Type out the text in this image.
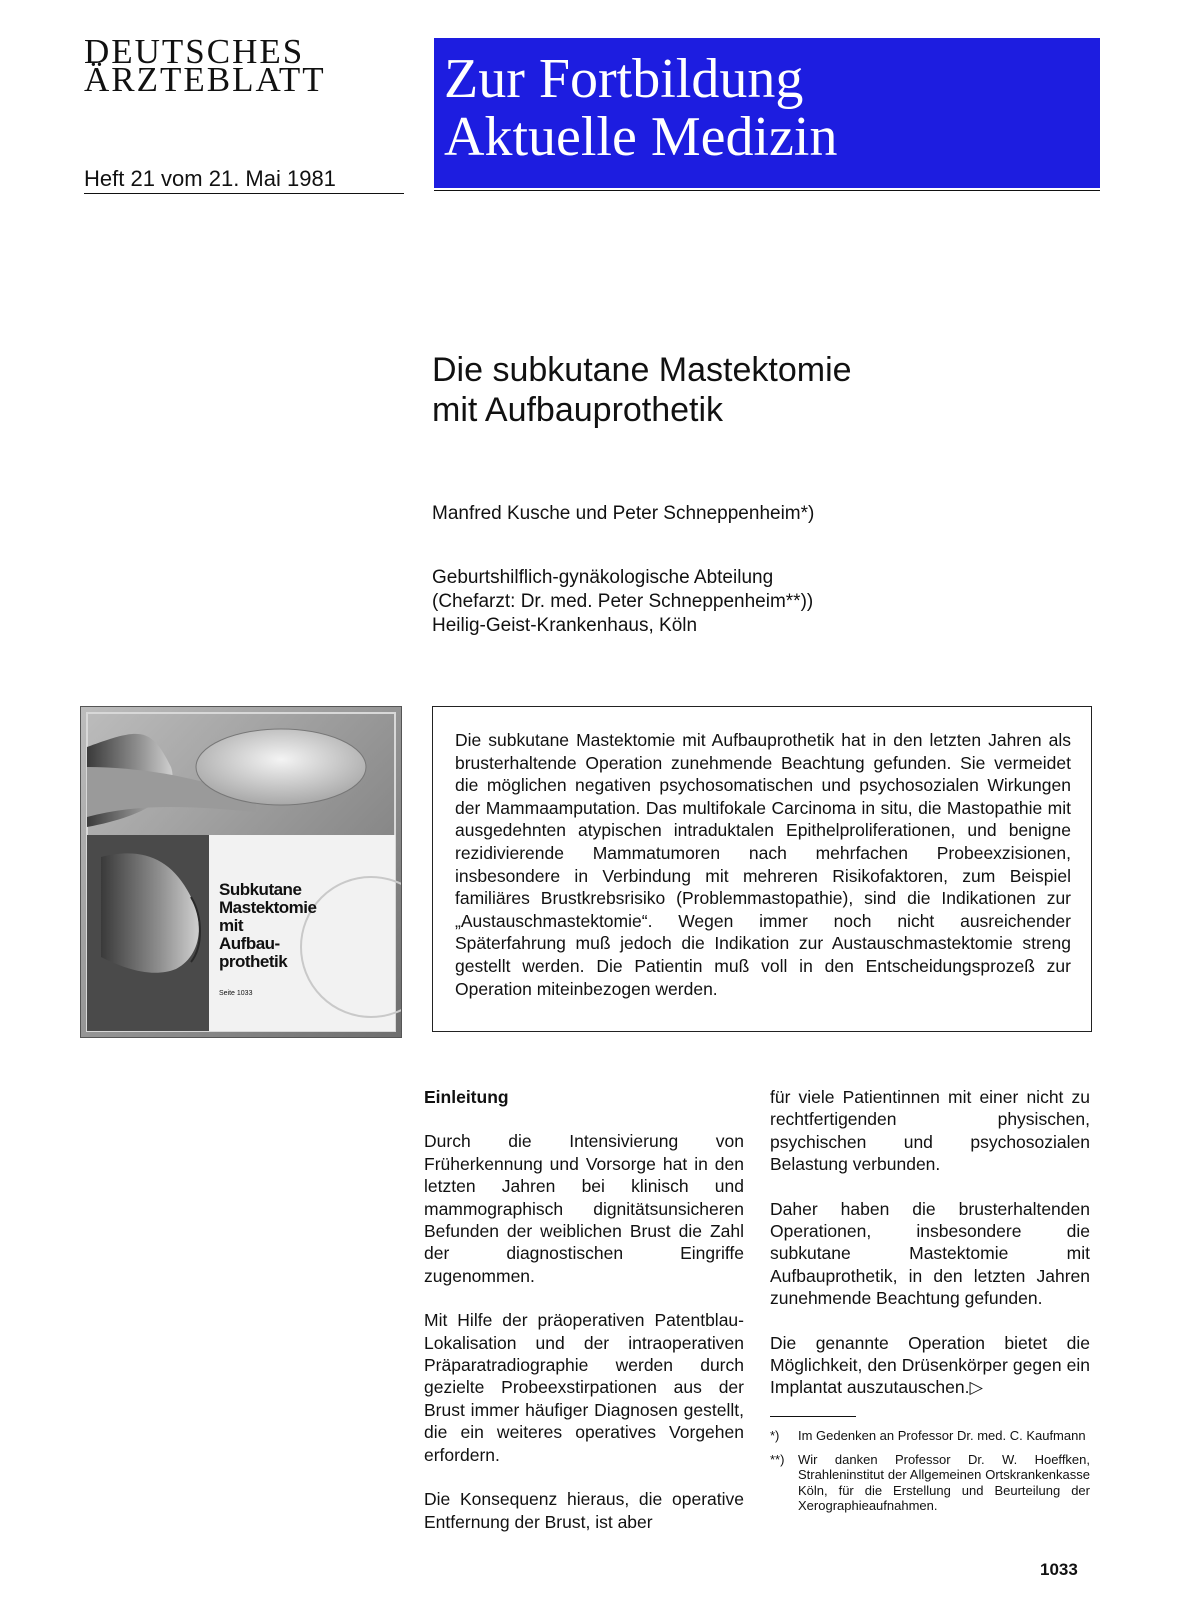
DEUTSCHES
ÄRZTEBLATT
Heft 21 vom 21. Mai 1981
Zur Fortbildung
Aktuelle Medizin
Die subkutane Mastektomie
mit Aufbauprothetik
Manfred Kusche und Peter Schneppenheim*)
Geburtshilflich-gynäkologische Abteilung
(Chefarzt: Dr. med. Peter Schneppenheim**))
Heilig-Geist-Krankenhaus, Köln
Subkutane
Mastektomie
mit
Aufbau-
prothetik
Seite 1033

Die subkutane Mastektomie mit Aufbauprothetik hat in den letzten Jahren als brusterhaltende Operation zunehmende Beachtung gefunden. Sie vermeidet die möglichen negativen psychosomatischen und psychosozialen Wirkungen der Mammaamputation. Das multifokale Carcinoma in situ, die Mastopathie mit ausgedehnten atypischen intraduktalen Epithelproliferationen, und benigne rezidivierende Mammatumoren nach mehrfachen Probeexzisionen, insbesondere in Verbindung mit mehreren Risikofaktoren, zum Beispiel familiäres Brustkrebsrisiko (Problemmastopathie), sind die Indikationen zur „Austauschmastektomie“. Wegen immer noch nicht ausreichender Späterfahrung muß jedoch die Indikation zur Austauschmastektomie streng gestellt werden. Die Patientin muß voll in den Entscheidungsprozeß zur Operation miteinbezogen werden.

Einleitung

Durch die Intensivierung von Früherkennung und Vorsorge hat in den letzten Jahren bei klinisch und mammographisch dignitätsunsicheren Befunden der weiblichen Brust die Zahl der diagnostischen Eingriffe zugenommen.

Mit Hilfe der präoperativen Patentblau-Lokalisation und der intraoperativen Präparatradiographie werden durch gezielte Probeexstirpationen aus der Brust immer häufiger Diagnosen gestellt, die ein weiteres operatives Vorgehen erfordern.

Die Konsequenz hieraus, die operative Entfernung der Brust, ist aber

für viele Patientinnen mit einer nicht zu rechtfertigenden physischen, psychischen und psychosozialen Belastung verbunden.

Daher haben die brusterhaltenden Operationen, insbesondere die subkutane Mastektomie mit Aufbauprothetik, in den letzten Jahren zunehmende Beachtung gefunden.

Die genannte Operation bietet die Möglichkeit, den Drüsenkörper gegen ein Implantat auszutauschen.▷

*) Im Gedenken an Professor Dr. med. C. Kaufmann
**) Wir danken Professor Dr. W. Hoeffken, Strahleninstitut der Allgemeinen Ortskrankenkasse Köln, für die Erstellung und Beurteilung der Xerographieaufnahmen.
1033
